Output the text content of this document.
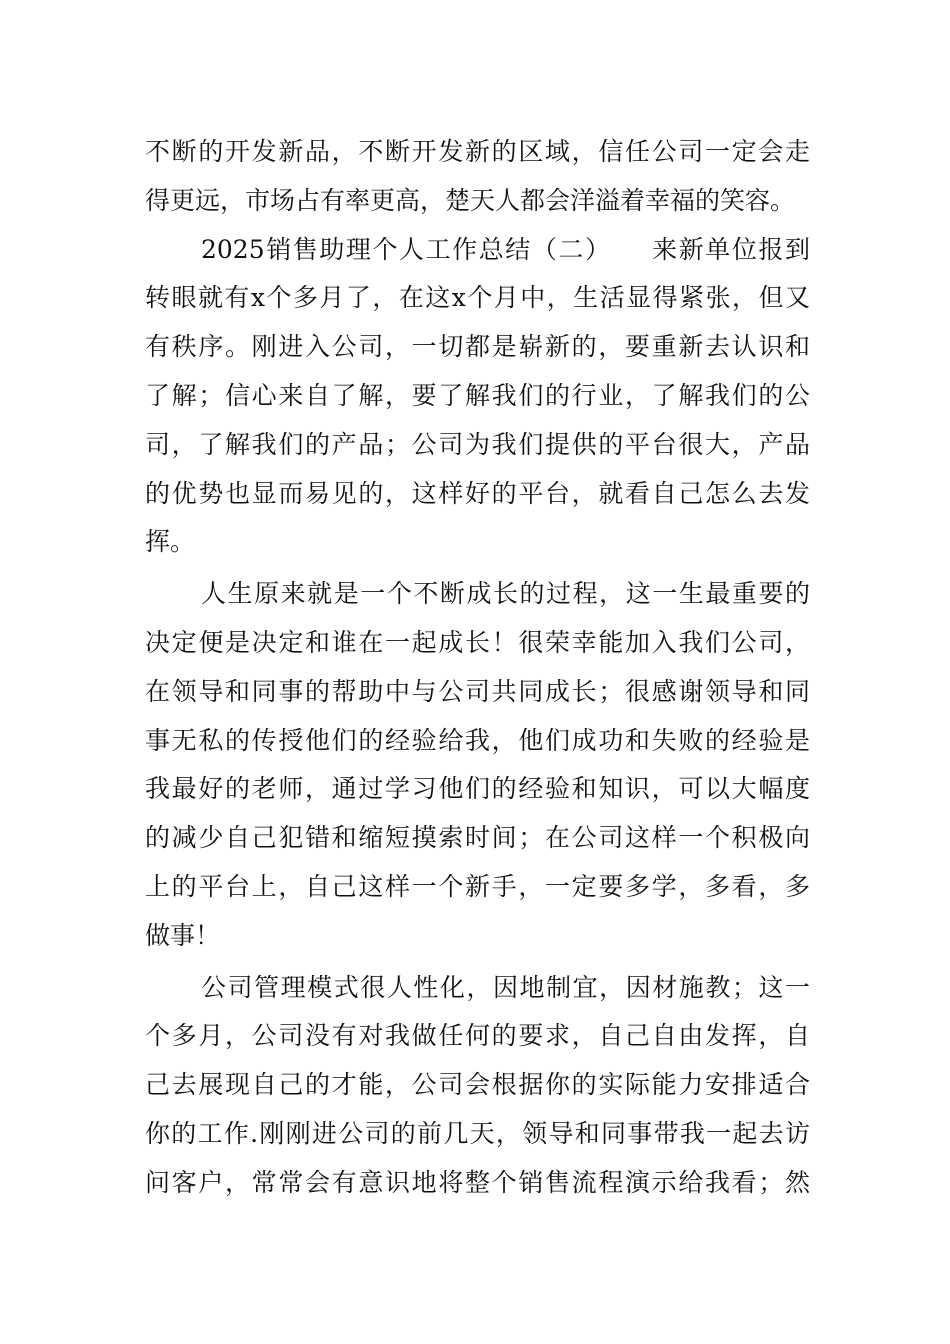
不断的开发新品，不断开发新的区域，信任公司一定会走
得更远，市场占有率更高，楚天人都会洋溢着幸福的笑容。
2025销售助理个人工作总结（二）　　来新单位报到
转眼就有x个多月了，在这x个月中，生活显得紧张，但又
有秩序。刚进入公司，一切都是崭新的，要重新去认识和
了解；信心来自了解，要了解我们的行业，了解我们的公
司，了解我们的产品；公司为我们提供的平台很大，产品
的优势也显而易见的，这样好的平台，就看自己怎么去发
挥。
人生原来就是一个不断成长的过程，这一生最重要的
决定便是决定和谁在一起成长！很荣幸能加入我们公司，
在领导和同事的帮助中与公司共同成长；很感谢领导和同
事无私的传授他们的经验给我，他们成功和失败的经验是
我最好的老师，通过学习他们的经验和知识，可以大幅度
的减少自己犯错和缩短摸索时间；在公司这样一个积极向
上的平台上，自己这样一个新手，一定要多学，多看，多
做事！
公司管理模式很人性化，因地制宜，因材施教；这一
个多月，公司没有对我做任何的要求，自己自由发挥，自
己去展现自己的才能，公司会根据你的实际能力安排适合
你的工作.刚刚进公司的前几天，领导和同事带我一起去访
问客户，常常会有意识地将整个销售流程演示给我看；然
